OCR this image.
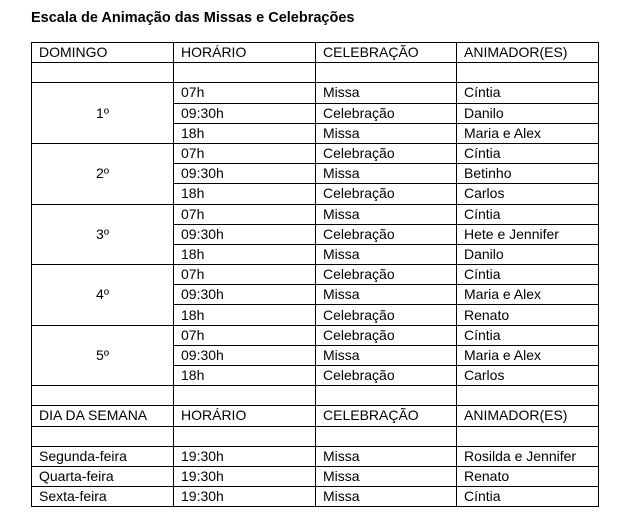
Escala de Animação das Missas e Celebrações
DOMINGO	HORÁRIO	CELEBRAÇÃO	ANIMADOR(ES)

1º	07h	Missa	Cíntia
	09:30h	Celebração	Danilo
	18h	Missa	Maria e Alex
2º	07h	Celebração	Cíntia
	09:30h	Missa	Betinho
	18h	Celebração	Carlos
3º	07h	Missa	Cíntia
	09:30h	Celebração	Hete e Jennifer
	18h	Missa	Danilo
4º	07h	Celebração	Cíntia
	09:30h	Missa	Maria e Alex
	18h	Celebração	Renato
5º	07h	Celebração	Cíntia
	09:30h	Missa	Maria e Alex
	18h	Celebração	Carlos

DIA DA SEMANA	HORÁRIO	CELEBRAÇÃO	ANIMADOR(ES)

Segunda-feira	19:30h	Missa	Rosilda e Jennifer
Quarta-feira	19:30h	Missa	Renato
Sexta-feira	19:30h	Missa	Cíntia
